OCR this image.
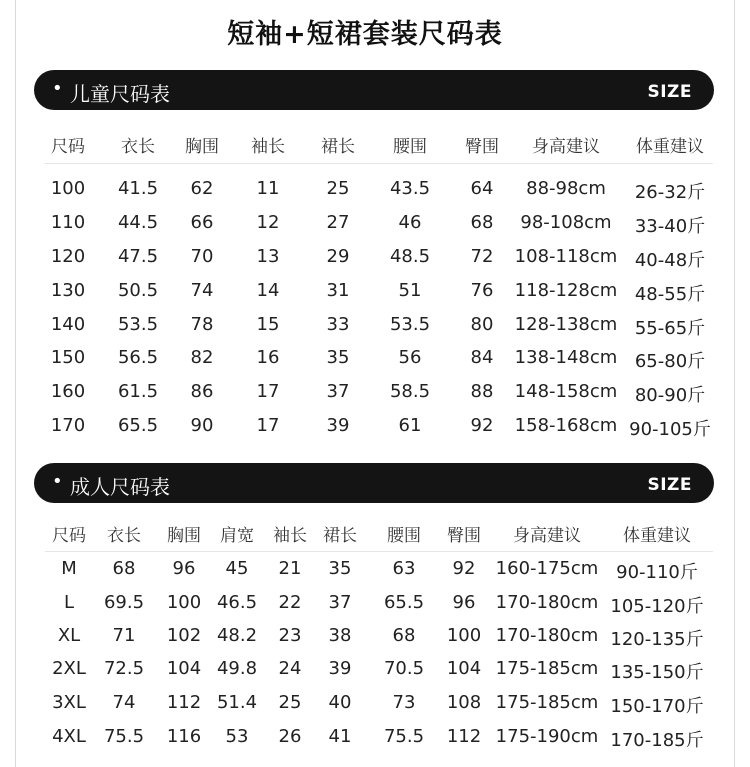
短袖+短裙套装尺码表
• 儿童尺码表	SIZE
尺码 衣长 胸围 袖长 裙长 腰围 臀围 身高建议 体重建议
100 41.5 62 11	25 43.5 64 88-98cm 26-32斤
110 44.5 66 12	27	46	68 98-108cm 33-40斤
120 47.5 70 13	29 48.5 72 108-118cm 40-48斤
130 50.5 74 14	31	51	76 118-128cm 48-55斤
140 53.5 78 15	33 53.5 80 128-138cm 55-65斤
150 56.5 82 16	35	56	84 138-148cm 65-80斤
160 61.5 86 17	37 58.5 88 148-158cm 80-90斤
170 65.5 90 17	39	61	92 158-168cm 90-105斤
• 成人尺码表	SIZE
尺码 衣长 胸围 肩宽 袖长 裙长 腰围 臀围 身高建议 体重建议
M 68 96 45 21 35 63 92 160-175cm 90-110斤
L 69.5 100 46.5 22 37 65.5 96 170-180cm 105-120斤
XL 71 102 48.2 23 38 68 100 170-180cm 120-135斤
2XL 72.5 104 49.8 24 39 70.5 104 175-185cm 135-150斤
3XL 74 112 51.4 25 40 73 108 175-185cm 150-170斤
4XL 75.5 116 53 26 41 75.5 112 175-190cm 170-185斤
